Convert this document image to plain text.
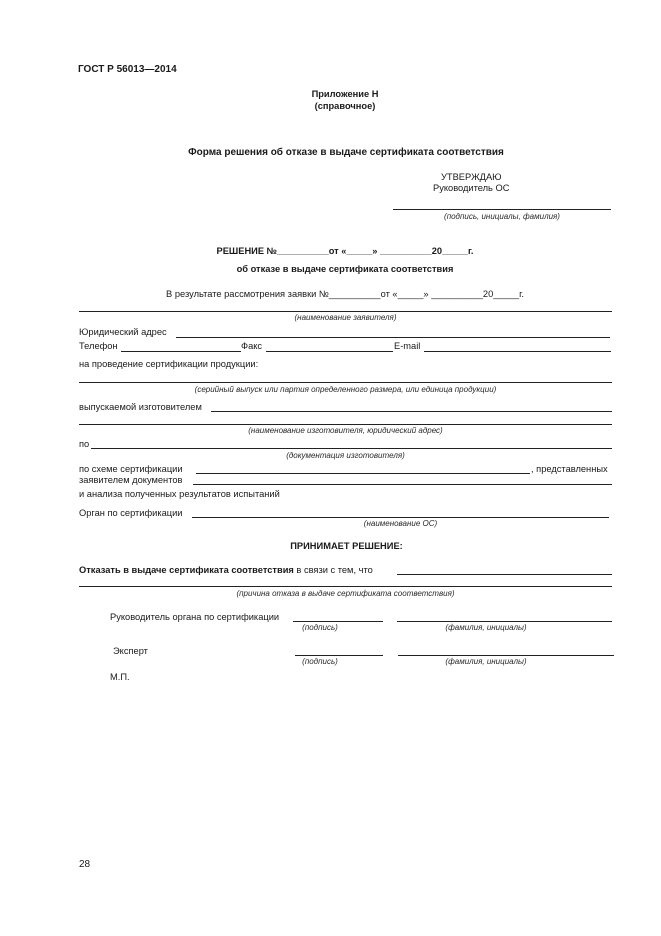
ГОСТ Р 56013—2014
Приложение Н
(справочное)
Форма решения об отказе в выдаче сертификата соответствия
УТВЕРЖДАЮ
Руководитель ОС
(подпись, инициалы, фамилия)
РЕШЕНИЕ №__________от «_____» __________20_____г.
об отказе в выдаче сертификата соответствия
В результате рассмотрения заявки №__________от «_____» __________20_____г.
(наименование заявителя)
Юридический адрес
Телефон	Факс	E-mail
на проведение сертификации продукции:
(серийный выпуск или партия определенного размера, или единица продукции)
выпускаемой изготовителем
(наименование изготовителя, юридический адрес)
по
(документация изготовителя)
по схеме сертификации	, представленных
заявителем документов
и анализа полученных результатов испытаний
Орган по сертификации
(наименование ОС)
ПРИНИМАЕТ РЕШЕНИЕ:
Отказать в выдаче сертификата соответствия в связи с тем, что
(причина отказа в выдаче сертификата соответствия)
Руководитель органа по сертификации
(подпись)	(фамилия, инициалы)
Эксперт
(подпись)	(фамилия, инициалы)
М.П.
28
